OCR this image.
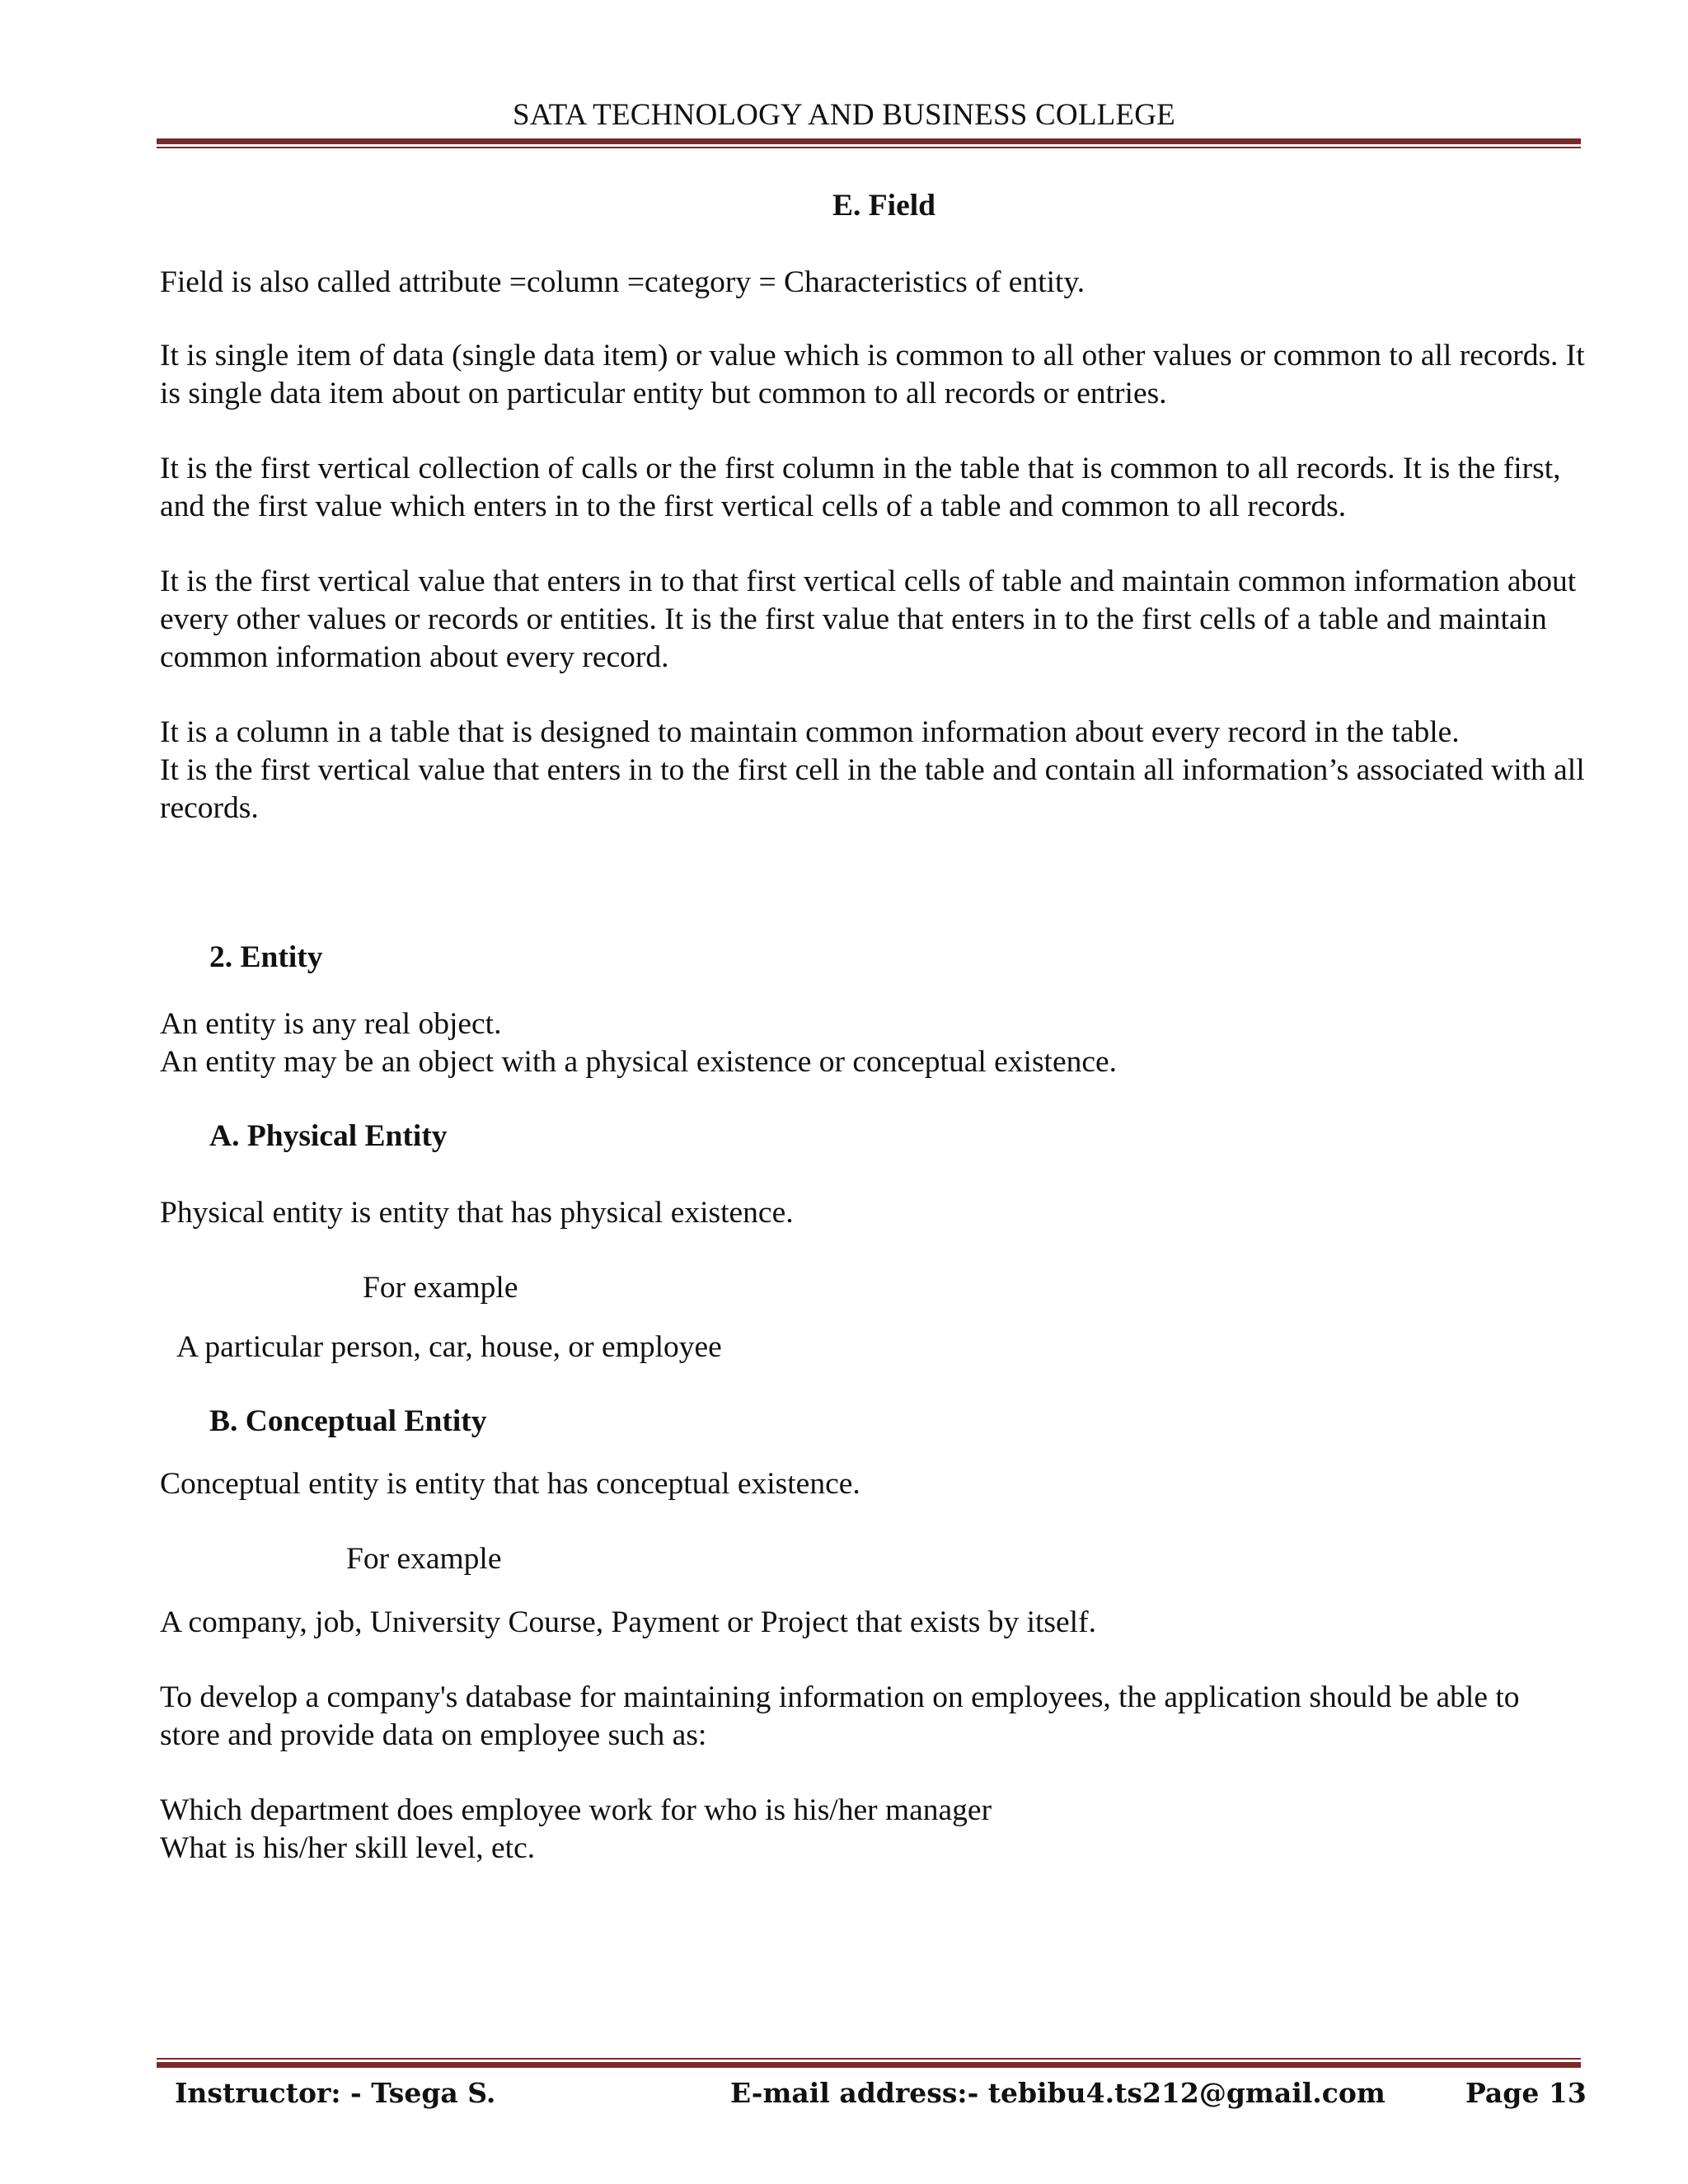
SATA TECHNOLOGY AND BUSINESS COLLEGE
E. Field
Field is also called attribute =column =category = Characteristics of entity.
It is single item of data (single data item) or value which is common to all other values or common to all records. It is single data item about on particular entity but common to all records or entries.
It is the first vertical collection of calls or the first column in the table that is common to all records. It is the first, and the first value which enters in to the first vertical cells of a table and common to all records.
It is the first vertical value that enters in to that first vertical cells of table and maintain common information about every other values or records or entities. It is the first value that enters in to the first cells of a table and maintain common information about every record.
It is a column in a table that is designed to maintain common information about every record in the table.
It is the first vertical value that enters in to the first cell in the table and contain all information’s associated with all records.
2. Entity
An entity is any real object.
An entity may be an object with a physical existence or conceptual existence.
A. Physical Entity
Physical entity is entity that has physical existence.
For example
A particular person, car, house, or employee
B. Conceptual Entity
Conceptual entity is entity that has conceptual existence.
For example
A company, job, University Course, Payment or Project that exists by itself.
To develop a company's database for maintaining information on employees, the application should be able to store and provide data on employee such as:
Which department does employee work for who is his/her manager
What is his/her skill level, etc.
Instructor: - Tsega S.	E-mail address:- tebibu4.ts212@gmail.com	Page 13
